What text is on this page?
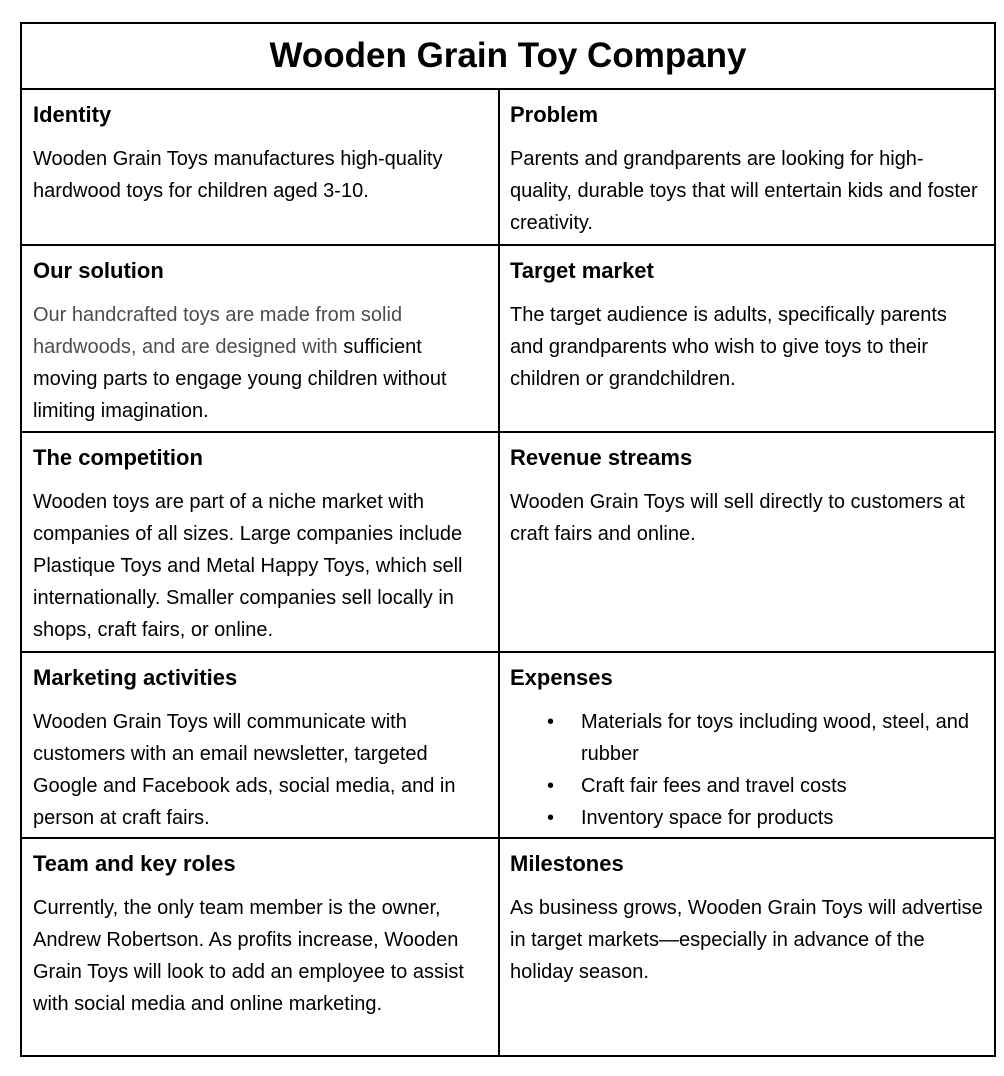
Wooden Grain Toy Company
Identity

Wooden Grain Toys manufactures high-quality hardwood toys for children aged 3-10.

Problem

Parents and grandparents are looking for high-quality, durable toys that will entertain kids and foster creativity.

Our solution

Our handcrafted toys are made from solid hardwoods, and are designed with sufficient moving parts to engage young children without limiting imagination.

Target market

The target audience is adults, specifically parents and grandparents who wish to give toys to their children or grandchildren.

The competition

Wooden toys are part of a niche market with companies of all sizes. Large companies include Plastique Toys and Metal Happy Toys, which sell internationally. Smaller companies sell locally in shops, craft fairs, or online.

Revenue streams

Wooden Grain Toys will sell directly to customers at craft fairs and online.

Marketing activities

Wooden Grain Toys will communicate with customers with an email newsletter, targeted Google and Facebook ads, social media, and in person at craft fairs.

Expenses
• Materials for toys including wood, steel, and rubber
• Craft fair fees and travel costs
• Inventory space for products
Team and key roles

Currently, the only team member is the owner, Andrew Robertson. As profits increase, Wooden Grain Toys will look to add an employee to assist with social media and online marketing.

Milestones

As business grows, Wooden Grain Toys will advertise in target markets—especially in advance of the holiday season.
